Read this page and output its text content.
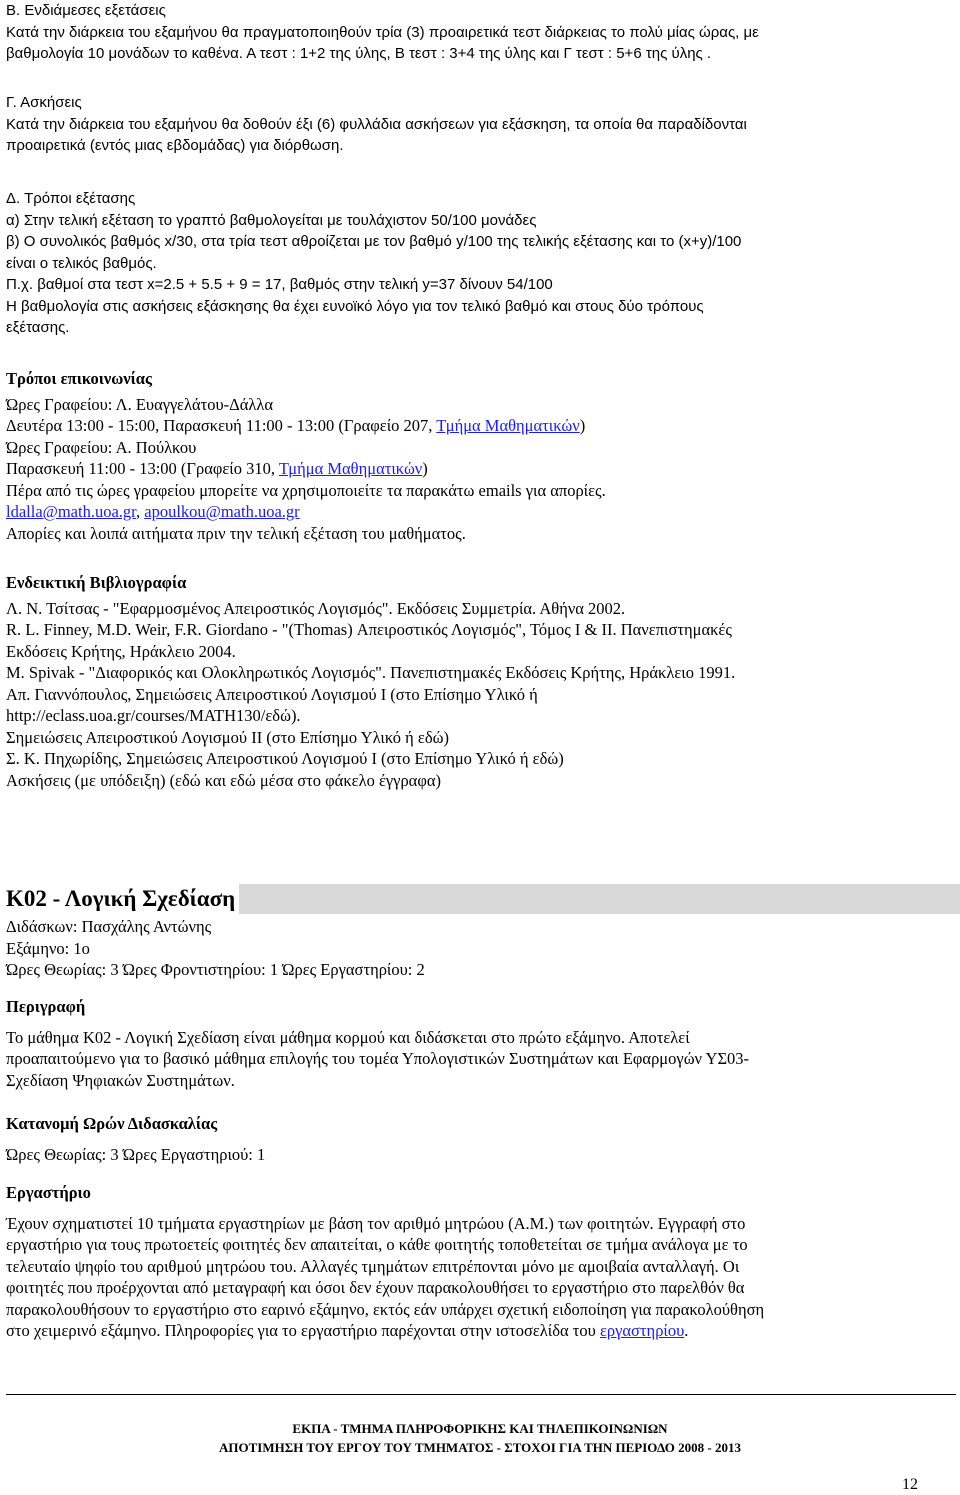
Β. Ενδιάμεσες εξετάσεις

Κατά την διάρκεια του εξαμήνου θα πραγματοποιηθούν τρία (3) προαιρετικά τεστ διάρκειας το πολύ μίας ώρας, με

βαθμολογία 10 μονάδων το καθένα. Α τεστ : 1+2 της ύλης, Β τεστ : 3+4 της ύλης και Γ τεστ : 5+6 της ύλης .

Γ. Ασκήσεις

Κατά την διάρκεια του εξαμήνου θα δοθούν έξι (6) φυλλάδια ασκήσεων για εξάσκηση, τα οποία θα παραδίδονται

προαιρετικά (εντός μιας εβδομάδας) για διόρθωση.

Δ. Τρόποι εξέτασης

α) Στην τελική εξέταση το γραπτό βαθμολογείται με τουλάχιστον 50/100 μονάδες

β) Ο συνολικός βαθμός x/30, στα τρία τεστ αθροίζεται με τον βαθμό y/100 της τελικής εξέτασης και το (x+y)/100

είναι ο τελικός βαθμός.

Π.χ. βαθμοί στα τεστ x=2.5 + 5.5 + 9 = 17, βαθμός στην τελική y=37 δίνουν 54/100

Η βαθμολογία στις ασκήσεις εξάσκησης θα έχει ευνοϊκό λόγο για τον τελικό βαθμό και στους δύο τρόπους

εξέτασης.

Τρόποι επικοινωνίας

Ώρες Γραφείου: Λ. Ευαγγελάτου-Δάλλα

Δευτέρα 13:00 - 15:00, Παρασκευή 11:00 - 13:00 (Γραφείο 207, Τμήμα Μαθηματικών)

Ώρες Γραφείου: Α. Πούλκου

Παρασκευή 11:00 - 13:00 (Γραφείο 310, Τμήμα Μαθηματικών)

Πέρα από τις ώρες γραφείου μπορείτε να χρησιμοποιείτε τα παρακάτω emails για απορίες.

ldalla@math.uoa.gr, apoulkou@math.uoa.gr

Απορίες και λοιπά αιτήματα πριν την τελική εξέταση του μαθήματος.

Ενδεικτική Βιβλιογραφία

Λ. Ν. Τσίτσας - "Εφαρμοσμένος Απειροστικός Λογισμός". Εκδόσεις Συμμετρία. Αθήνα 2002.

R. L. Finney, M.D. Weir, F.R. Giordano - "(Thomas) Απειροστικός Λογισμός", Τόμος Ι & ΙΙ. Πανεπιστημακές

Εκδόσεις Κρήτης, Ηράκλειο 2004.

M. Spivak - "Διαφορικός και Ολοκληρωτικός Λογισμός". Πανεπιστημακές Εκδόσεις Κρήτης, Ηράκλειο 1991.

Απ. Γιαννόπουλος, Σημειώσεις Απειροστικού Λογισμού Ι (στο Επίσημο Υλικό ή

http://eclass.uoa.gr/courses/MATH130/εδώ).

Σημειώσεις Απειροστικού Λογισμού ΙΙ (στο Επίσημο Υλικό ή εδώ)

Σ. Κ. Πηχωρίδης, Σημειώσεις Απειροστικού Λογισμού Ι (στο Επίσημο Υλικό ή εδώ)

Ασκήσεις (με υπόδειξη) (εδώ και εδώ μέσα στο φάκελο έγγραφα)

Κ02 - Λογική Σχεδίαση

Διδάσκων: Πασχάλης Αντώνης

Εξάμηνο: 1ο

Ώρες Θεωρίας: 3 Ώρες Φροντιστηρίου: 1 Ώρες Εργαστηρίου: 2

Περιγραφή

Το μάθημα Κ02 - Λογική Σχεδίαση είναι μάθημα κορμού και διδάσκεται στο πρώτο εξάμηνο. Αποτελεί

προαπαιτούμενο για το βασικό μάθημα επιλογής του τομέα Υπολογιστικών Συστημάτων και Εφαρμογών ΥΣ03-

Σχεδίαση Ψηφιακών Συστημάτων.

Κατανομή Ωρών Διδασκαλίας

Ώρες Θεωρίας: 3 Ώρες Εργαστηριού: 1

Εργαστήριο

Έχουν σχηματιστεί 10 τμήματα εργαστηρίων με βάση τον αριθμό μητρώου (Α.Μ.) των φοιτητών. Εγγραφή στο

εργαστήριο για τους πρωτοετείς φοιτητές δεν απαιτείται, ο κάθε φοιτητής τοποθετείται σε τμήμα ανάλογα με το

τελευταίο ψηφίο του αριθμού μητρώου του. Αλλαγές τμημάτων επιτρέπονται μόνο με αμοιβαία ανταλλαγή. Οι

φοιτητές που προέρχονται από μεταγραφή και όσοι δεν έχουν παρακολουθήσει το εργαστήριο στο παρελθόν θα

παρακολουθήσουν το εργαστήριο στο εαρινό εξάμηνο, εκτός εάν υπάρχει σχετική ειδοποίηση για παρακολούθηση

στο χειμερινό εξάμηνο. Πληροφορίες για το εργαστήριο παρέχονται στην ιστοσελίδα του εργαστηρίου.

ΕΚΠΑ - ΤΜΗΜΑ ΠΛΗΡΟΦΟΡΙΚΗΣ ΚΑΙ ΤΗΛΕΠΙΚΟΙΝΩΝΙΩΝ
ΑΠΟΤΙΜΗΣΗ ΤΟΥ ΕΡΓΟΥ ΤΟΥ ΤΜΗΜΑΤΟΣ - ΣΤΟΧΟΙ ΓΙΑ ΤΗΝ ΠΕΡΙΟΔΟ 2008 - 2013
12
